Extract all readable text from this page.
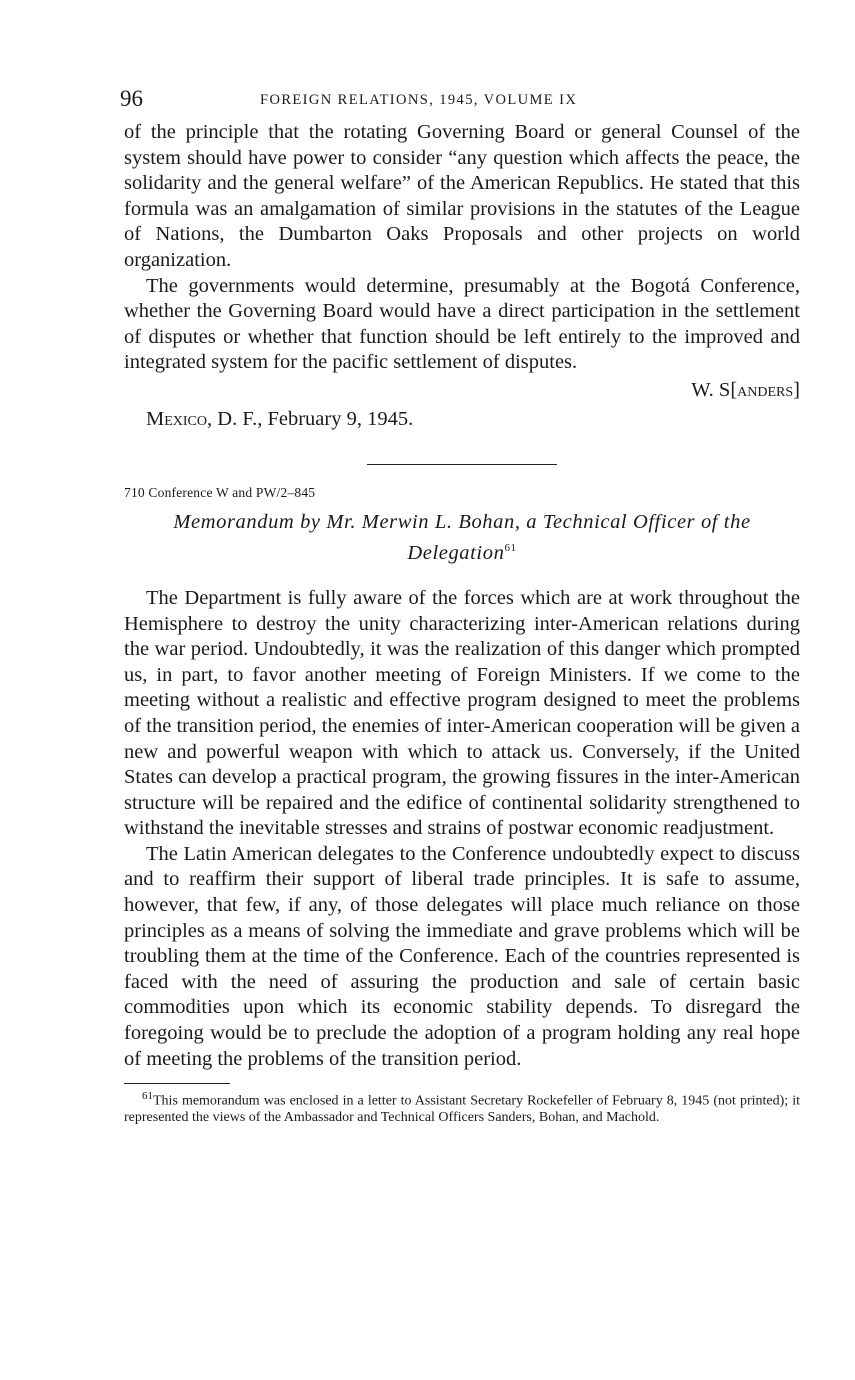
96	FOREIGN RELATIONS, 1945, VOLUME IX

of the principle that the rotating Governing Board or general Counsel of the system should have power to consider “any question which affects the peace, the solidarity and the general welfare” of the American Republics. He stated that this formula was an amalgamation of similar provisions in the statutes of the League of Nations, the Dumbarton Oaks Proposals and other projects on world organization.

The governments would determine, presumably at the Bogotá Conference, whether the Governing Board would have a direct participation in the settlement of disputes or whether that function should be left entirely to the improved and integrated system for the pacific settlement of disputes.

W. S[anders]
Mexico, D. F., February 9, 1945.
710 Conference W and PW/2–845
Memorandum by Mr. Merwin L. Bohan, a Technical Officer of the Delegation$^{61}$

The Department is fully aware of the forces which are at work throughout the Hemisphere to destroy the unity characterizing inter-American relations during the war period. Undoubtedly, it was the realization of this danger which prompted us, in part, to favor another meeting of Foreign Ministers. If we come to the meeting without a realistic and effective program designed to meet the problems of the transition period, the enemies of inter-American cooperation will be given a new and powerful weapon with which to attack us. Conversely, if the United States can develop a practical program, the growing fissures in the inter-American structure will be repaired and the edifice of continental solidarity strengthened to withstand the inevitable stresses and strains of postwar economic readjustment.

The Latin American delegates to the Conference undoubtedly expect to discuss and to reaffirm their support of liberal trade principles. It is safe to assume, however, that few, if any, of those delegates will place much reliance on those principles as a means of solving the immediate and grave problems which will be troubling them at the time of the Conference. Each of the countries represented is faced with the need of assuring the production and sale of certain basic commodities upon which its economic stability depends. To disregard the foregoing would be to preclude the adoption of a program holding any real hope of meeting the problems of the transition period.

$^{61}$This memorandum was enclosed in a letter to Assistant Secretary Rockefeller of February 8, 1945 (not printed); it represented the views of the Ambassador and Technical Officers Sanders, Bohan, and Machold.
